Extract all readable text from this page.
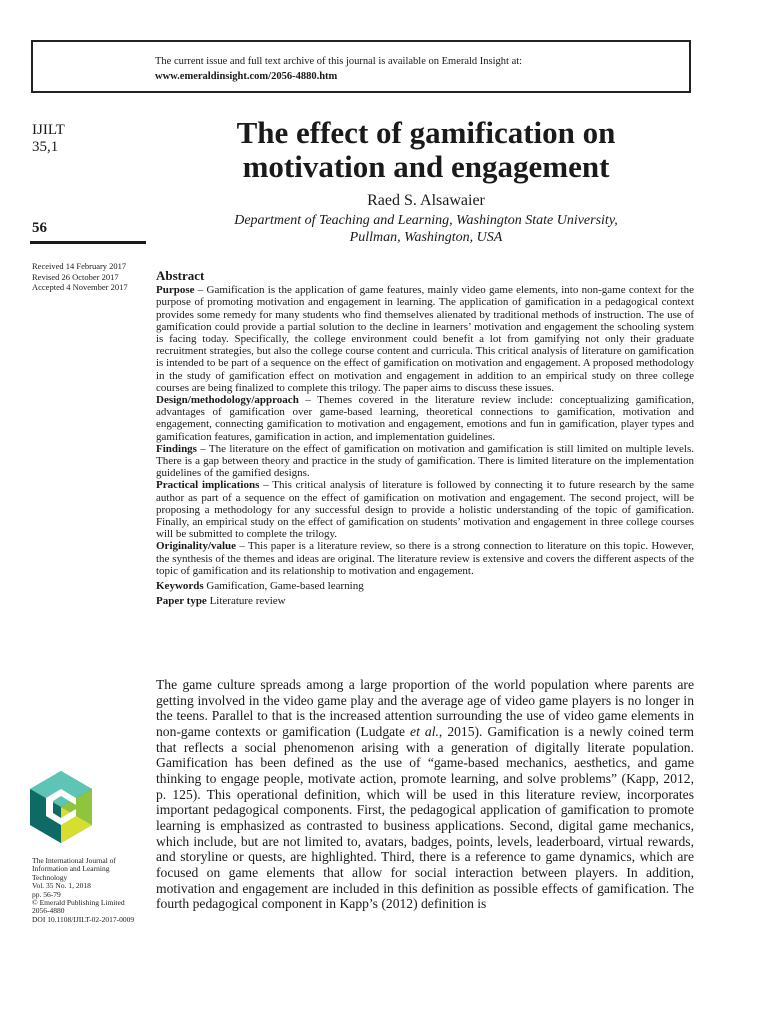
The current issue and full text archive of this journal is available on Emerald Insight at:
www.emeraldinsight.com/2056-4880.htm
IJILT
35,1
56
Received 14 February 2017
Revised 26 October 2017
Accepted 4 November 2017
The effect of gamification on
motivation and engagement
Raed S. Alsawaier
Department of Teaching and Learning, Washington State University,
Pullman, Washington, USA
Abstract

Purpose – Gamification is the application of game features, mainly video game elements, into non-game context for the purpose of promoting motivation and engagement in learning. The application of gamification in a pedagogical context provides some remedy for many students who find themselves alienated by traditional methods of instruction. The use of gamification could provide a partial solution to the decline in learners’ motivation and engagement the schooling system is facing today. Specifically, the college environment could benefit a lot from gamifying not only their graduate recruitment strategies, but also the college course content and curricula. This critical analysis of literature on gamification is intended to be part of a sequence on the effect of gamification on motivation and engagement. A proposed methodology in the study of gamification effect on motivation and engagement in addition to an empirical study on three college courses are being finalized to complete this trilogy. The paper aims to discuss these issues.

Design/methodology/approach – Themes covered in the literature review include: conceptualizing gamification, advantages of gamification over game-based learning, theoretical connections to gamification, motivation and engagement, connecting gamification to motivation and engagement, emotions and fun in gamification, player types and gamification features, gamification in action, and implementation guidelines.

Findings – The literature on the effect of gamification on motivation and gamification is still limited on multiple levels. There is a gap between theory and practice in the study of gamification. There is limited literature on the implementation guidelines of the gamified designs.

Practical implications – This critical analysis of literature is followed by connecting it to future research by the same author as part of a sequence on the effect of gamification on motivation and engagement. The second project, will be proposing a methodology for any successful design to provide a holistic understanding of the topic of gamification. Finally, an empirical study on the effect of gamification on students’ motivation and engagement in three college courses will be submitted to complete the trilogy.

Originality/value – This paper is a literature review, so there is a strong connection to literature on this topic. However, the synthesis of the themes and ideas are original. The literature review is extensive and covers the different aspects of the topic of gamification and its relationship to motivation and engagement.

Keywords Gamification, Game-based learning
Paper type Literature review

The game culture spreads among a large proportion of the world population where parents are getting involved in the video game play and the average age of video game players is no longer in the teens. Parallel to that is the increased attention surrounding the use of video game elements in non-game contexts or gamification (Ludgate et al., 2015). Gamification is a newly coined term that reflects a social phenomenon arising with a generation of digitally literate population. Gamification has been defined as the use of “game-based mechanics, aesthetics, and game thinking to engage people, motivate action, promote learning, and solve problems” (Kapp, 2012, p. 125). This operational definition, which will be used in this literature review, incorporates important pedagogical components. First, the pedagogical application of gamification to promote learning is emphasized as contrasted to business applications. Second, digital game mechanics, which include, but are not limited to, avatars, badges, points, levels, leaderboard, virtual rewards, and storyline or quests, are highlighted. Third, there is a reference to game dynamics, which are focused on game elements that allow for social interaction between players. In addition, motivation and engagement are included in this definition as possible effects of gamification. The fourth pedagogical component in Kapp’s (2012) definition is

The International Journal of
Information and Learning
Technology
Vol. 35 No. 1, 2018
pp. 56-79
© Emerald Publishing Limited
2056-4880
DOI 10.1108/IJILT-02-2017-0009
